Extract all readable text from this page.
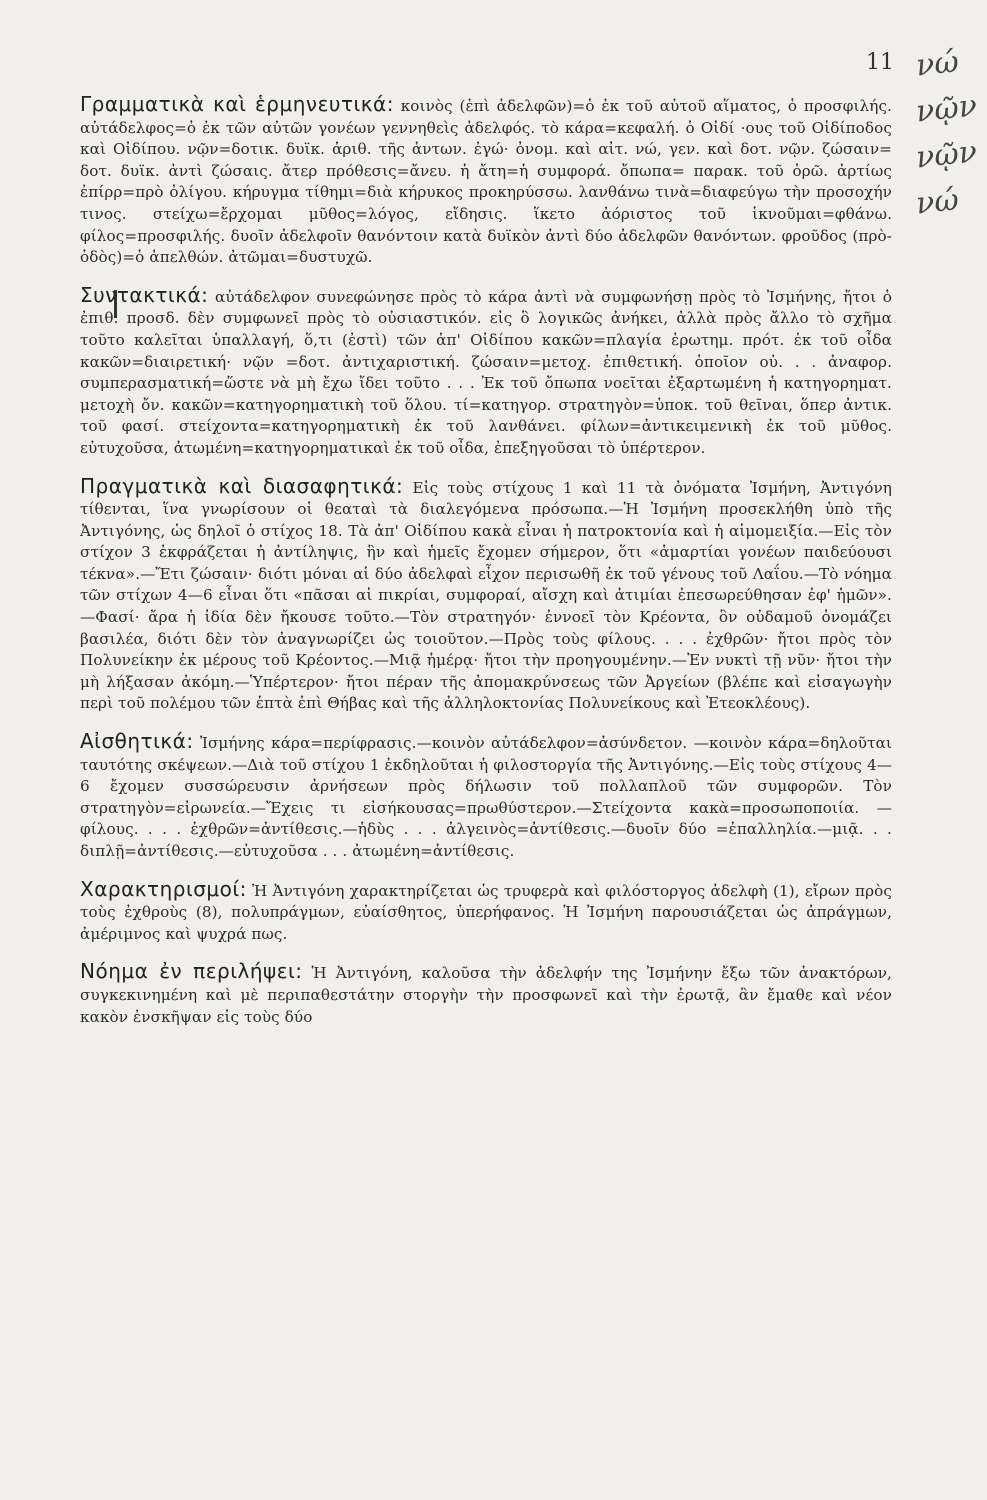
11 νώ
νῷν
νῷν
νώ

Γραμματικὰ καὶ ἑρμηνευτικά: κοινὸς (ἐπὶ ἀδελφῶν)=ὁ ἐκ τοῦ αὐτοῦ αἵματος, ὁ προσφιλής. αὐτάδελφος=ὁ ἐκ τῶν αὐτῶν γονέων γεννηθεὶς ἀδελφός. τὸ κάρα=κεφαλή. ὁ Οἰδί ·ους τοῦ Οἰδίποδος καὶ Οἰδίπου. νῷν=δοτικ. δυϊκ. ἀριθ. τῆς ἀντων. ἐγώ· ὀνομ. καὶ αἰτ. νώ, γεν. καὶ δοτ. νῷν. ζώσαιν= δοτ. δυϊκ. ἀντὶ ζώσαις. ἄτερ πρόθεσις=ἄνευ. ἡ ἄτη=ἡ συμφορά. ὄπωπα= παρακ. τοῦ ὁρῶ. ἀρτίως ἐπίρρ=πρὸ ὀλίγου. κήρυγμα τίθημι=διὰ κήρυκος προκηρύσσω. λανθάνω τινὰ=διαφεύγω τὴν προσοχήν τινος. στείχω=ἔρχομαι μῦθος=λόγος, εἴδησις. ἵκετο ἀόριστος τοῦ ἱκνοῦμαι=φθάνω. φίλος=προσφιλής. δυοῖν ἀδελφοῖν θανόντοιν κατὰ δυϊκὸν ἀντὶ δύο ἀδελφῶν θανόντων. φροῦδος (πρὸ-ὁδὸς)=ὁ ἀπελθών. ἀτῶμαι=δυστυχῶ.

Συντακτικά: αὐτάδελφον συνεφώνησε πρὸς τὸ κάρα ἀντὶ νὰ συμφωνήσῃ πρὸς τὸ Ἰσμήνης, ἤτοι ὁ ἐπιθ. προσδ. δὲν συμφωνεῖ πρὸς τὸ οὐσιαστικόν. εἰς ὃ λογικῶς ἀνήκει, ἀλλὰ πρὸς ἄλλο τὸ σχῆμα τοῦτο καλεῖται ὑπαλλαγή, ὅ,τι (ἐστὶ) τῶν ἀπ' Οἰδίπου κακῶν=πλαγία ἐρωτημ. πρότ. ἐκ τοῦ οἶδα κακῶν=διαιρετική· νῷν =δοτ. ἀντιχαριστική. ζώσαιν=μετοχ. ἐπιθετική. ὁποῖον οὐ. . . ἀναφορ. συμπερασματική=ὥστε νὰ μὴ ἔχω ἴδει τοῦτο . . . Ἐκ τοῦ ὄπωπα νοεῖται ἐξαρτωμένη ἡ κατηγορηματ. μετοχὴ ὄν. κακῶν=κατηγορηματικὴ τοῦ ὅλου. τί=κατηγορ. στρατηγὸν=ὑποκ. τοῦ θεῖναι, ὅπερ ἀντικ. τοῦ φασί. στείχοντα=κατηγορηματικὴ ἐκ τοῦ λανθάνει. φίλων=ἀντικειμενικὴ ἐκ τοῦ μῦθος. εὐτυχοῦσα, ἀτωμένη=κατηγορηματικαὶ ἐκ τοῦ οἶδα, ἐπεξηγοῦσαι τὸ ὑπέρτερον.

Πραγματικὰ καὶ διασαφητικά: Εἰς τοὺς στίχους 1 καὶ 11 τὰ ὀνόματα Ἰσμήνη, Ἀντιγόνη τίθενται, ἵνα γνωρίσουν οἱ θεαταὶ τὰ διαλεγόμενα πρόσωπα.—Ἡ Ἰσμήνη προσεκλήθη ὑπὸ τῆς Ἀντιγόνης, ὡς δηλοῖ ὁ στίχος 18. Τὰ ἀπ' Οἰδίπου κακὰ εἶναι ἡ πατροκτονία καὶ ἡ αἱμομειξία.—Εἰς τὸν στίχον 3 ἐκφράζεται ἡ ἀντίληψις, ἣν καὶ ἡμεῖς ἔχομεν σήμερον, ὅτι «ἁμαρτίαι γονέων παιδεύουσι τέκνα».—Ἔτι ζώσαιν· διότι μόναι αἱ δύο ἀδελφαὶ εἶχον περισωθῆ ἐκ τοῦ γένους τοῦ Λαΐου.—Τὸ νόημα τῶν στίχων 4—6 εἶναι ὅτι «πᾶσαι αἱ πικρίαι, συμφοραί, αἴσχη καὶ ἀτιμίαι ἐπεσωρεύθησαν ἐφ' ἡμῶν».—Φασί· ἄρα ἡ ἰδία δὲν ἤκουσε τοῦτο.—Τὸν στρατηγόν· ἐννοεῖ τὸν Κρέοντα, ὃν οὐδαμοῦ ὀνομάζει βασιλέα, διότι δὲν τὸν ἀναγνωρίζει ὡς τοιοῦτον.—Πρὸς τοὺς φίλους. . . . ἐχθρῶν· ἤτοι πρὸς τὸν Πολυνείκην ἐκ μέρους τοῦ Κρέοντος.—Μιᾷ ἡμέρᾳ· ἤτοι τὴν προηγουμένην.—Ἐν νυκτὶ τῇ νῦν· ἤτοι τὴν μὴ λήξασαν ἀκόμη.—Ὑπέρτερον· ἤτοι πέραν τῆς ἀπομακρύνσεως τῶν Ἀργείων (βλέπε καὶ εἰσαγωγὴν περὶ τοῦ πολέμου τῶν ἑπτὰ ἐπὶ Θήβας καὶ τῆς ἀλληλοκτονίας Πολυνείκους καὶ Ἐτεοκλέους).

Αἰσθητικά: Ἰσμήνης κάρα=περίφρασις.—κοινὸν αὐτάδελφον=ἀσύνδετον. —κοινὸν κάρα=δηλοῦται ταυτότης σκέψεων.—Διὰ τοῦ στίχου 1 ἐκδηλοῦται ἡ φιλοστοργία τῆς Ἀντιγόνης.—Εἰς τοὺς στίχους 4—6 ἔχομεν συσσώρευσιν ἀρνήσεων πρὸς δήλωσιν τοῦ πολλαπλοῦ τῶν συμφορῶν. Τὸν στρατηγὸν=εἰρωνεία.—Ἔχεις τι εἰσήκουσας=πρωθύστερον.—Στείχοντα κακὰ=προσωποποιία. —φίλους. . . . ἐχθρῶν=ἀντίθεσις.—ἡδὺς . . . ἀλγεινὸς=ἀντίθεσις.—δυοῖν δύο =ἐπαλληλία.—μιᾷ. . . διπλῇ=ἀντίθεσις.—εὐτυχοῦσα . . . ἀτωμένη=ἀντίθεσις.

Χαρακτηρισμοί: Ἡ Ἀντιγόνη χαρακτηρίζεται ὡς τρυφερὰ καὶ φιλόστοργος ἀδελφὴ (1), εἴρων πρὸς τοὺς ἐχθροὺς (8), πολυπράγμων, εὐαίσθητος, ὑπερήφανος. Ἡ Ἰσμήνη παρουσιάζεται ὡς ἀπράγμων, ἀμέριμνος καὶ ψυχρά πως.

Νόημα ἐν περιλήψει: Ἡ Ἀντιγόνη, καλοῦσα τὴν ἀδελφήν της Ἰσμήνην ἔξω τῶν ἀνακτόρων, συγκεκινημένη καὶ μὲ περιπαθεστάτην στοργὴν τὴν προσφωνεῖ καὶ τὴν ἐρωτᾷ, ἂν ἔμαθε καὶ νέον κακὸν ἐνσκῆψαν εἰς τοὺς δύο
